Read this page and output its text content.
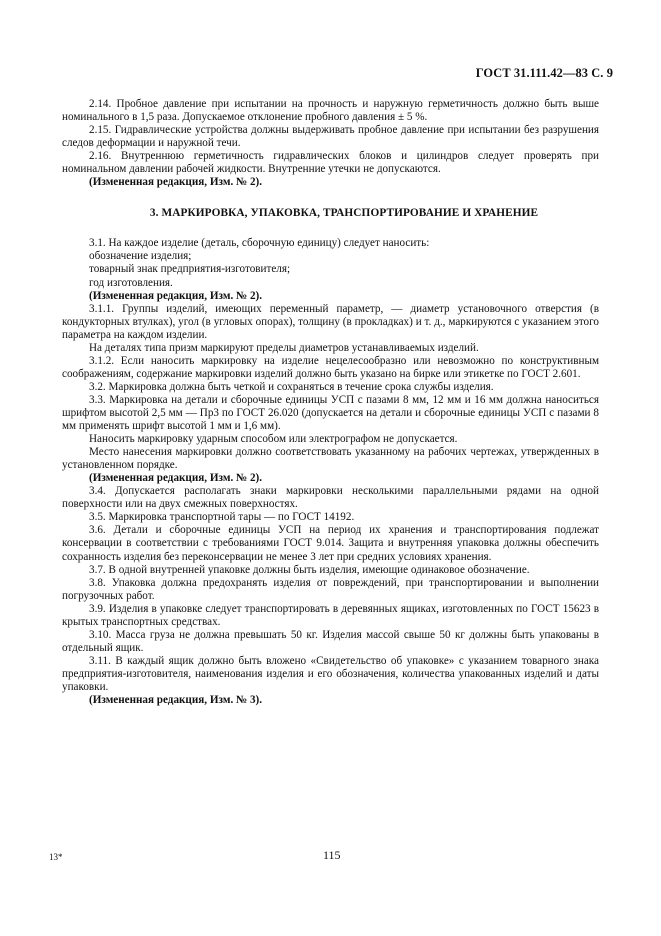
ГОСТ 31.111.42—83 С. 9

2.14. Пробное давление при испытании на прочность и наружную герметичность должно быть выше номинального в 1,5 раза. Допускаемое отклонение пробного давления ± 5 %.

2.15. Гидравлические устройства должны выдерживать пробное давление при испытании без разрушения следов деформации и наружной течи.

2.16. Внутреннюю герметичность гидравлических блоков и цилиндров следует проверять при номинальном давлении рабочей жидкости. Внутренние утечки не допускаются.

(Измененная редакция, Изм. № 2).

3. МАРКИРОВКА, УПАКОВКА, ТРАНСПОРТИРОВАНИЕ И ХРАНЕНИЕ

3.1. На каждое изделие (деталь, сборочную единицу) следует наносить:

обозначение изделия;

товарный знак предприятия-изготовителя;

год изготовления.

(Измененная редакция, Изм. № 2).

3.1.1. Группы изделий, имеющих переменный параметр, — диаметр установочного отверстия (в кондукторных втулках), угол (в угловых опорах), толщину (в прокладках) и т. д., маркируются с указанием этого параметра на каждом изделии.

На деталях типа призм маркируют пределы диаметров устанавливаемых изделий.

3.1.2. Если наносить маркировку на изделие нецелесообразно или невозможно по конструктивным соображениям, содержание маркировки изделий должно быть указано на бирке или этикетке по ГОСТ 2.601.

3.2. Маркировка должна быть четкой и сохраняться в течение срока службы изделия.

3.3. Маркировка на детали и сборочные единицы УСП с пазами 8 мм, 12 мм и 16 мм должна наноситься шрифтом высотой 2,5 мм — Пр3 по ГОСТ 26.020 (допускается на детали и сборочные единицы УСП с пазами 8 мм применять шрифт высотой 1 мм и 1,6 мм).

Наносить маркировку ударным способом или электрографом не допускается.

Место нанесения маркировки должно соответствовать указанному на рабочих чертежах, утвержденных в установленном порядке.

(Измененная редакция, Изм. № 2).

3.4. Допускается располагать знаки маркировки несколькими параллельными рядами на одной поверхности или на двух смежных поверхностях.

3.5. Маркировка транспортной тары — по ГОСТ 14192.

3.6. Детали и сборочные единицы УСП на период их хранения и транспортирования подлежат консервации в соответствии с требованиями ГОСТ 9.014. Защита и внутренняя упаковка должны обеспечить сохранность изделия без переконсервации не менее 3 лет при средних условиях хранения.

3.7. В одной внутренней упаковке должны быть изделия, имеющие одинаковое обозначение.

3.8. Упаковка должна предохранять изделия от повреждений, при транспортировании и выполнении погрузочных работ.

3.9. Изделия в упаковке следует транспортировать в деревянных ящиках, изготовленных по ГОСТ 15623 в крытых транспортных средствах.

3.10. Масса груза не должна превышать 50 кг. Изделия массой свыше 50 кг должны быть упакованы в отдельный ящик.

3.11. В каждый ящик должно быть вложено «Свидетельство об упаковке» с указанием товарного знака предприятия-изготовителя, наименования изделия и его обозначения, количества упакованных изделий и даты упаковки.

(Измененная редакция, Изм. № 3).

13*	115
